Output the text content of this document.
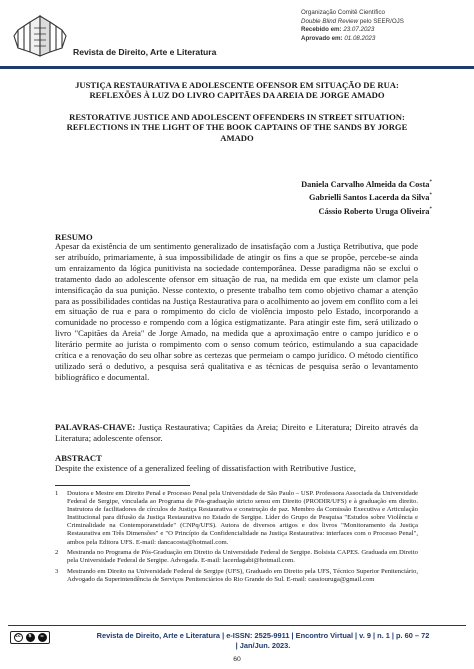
Revista de Direito, Arte e Literatura
Organização Comitê Científico
Double Blind Review pelo SEER/OJS
Recebido em: 23.07.2023
Aprovado em: 01.08.2023
JUSTIÇA RESTAURATIVA E ADOLESCENTE OFENSOR EM SITUAÇÃO DE RUA: REFLEXÕES À LUZ DO LIVRO CAPITÃES DA AREIA DE JORGE AMADO
RESTORATIVE JUSTICE AND ADOLESCENT OFFENDERS IN STREET SITUATION: REFLECTIONS IN THE LIGHT OF THE BOOK CAPTAINS OF THE SANDS BY JORGE AMADO
Daniela Carvalho Almeida da Costa*
Gabrielli Santos Lacerda da Silva*
Cássio Roberto Uruga Oliveira*
RESUMO

Apesar da existência de um sentimento generalizado de insatisfação com a Justiça Retributiva, que pode ser atribuído, primariamente, à sua impossibilidade de atingir os fins a que se propõe, percebe-se ainda um enraizamento da lógica punitivista na sociedade contemporânea. Desse paradigma não se exclui o tratamento dado ao adolescente ofensor em situação de rua, na medida em que existe um clamor pela intensificação da sua punição. Nesse contexto, o presente trabalho tem como objetivo chamar a atenção para as possibilidades contidas na Justiça Restaurativa para o acolhimento ao jovem em conflito com a lei em situação de rua e para o rompimento do ciclo de violência imposto pelo Estado, incorporando a comunidade no processo e rompendo com a lógica estigmatizante. Para atingir este fim, será utilizado o livro "Capitães da Areia" de Jorge Amado, na medida que a aproximação entre o campo jurídico e o literário permite ao jurista o rompimento com o senso comum teórico, estimulando a sua capacidade crítica e a renovação do seu olhar sobre as certezas que permeiam o campo jurídico. O método científico utilizado será o dedutivo, a pesquisa será qualitativa e as técnicas de pesquisa serão o levantamento bibliográfico e documental.

PALAVRAS-CHAVE: Justiça Restaurativa; Capitães da Areia; Direito e Literatura; Direito através da Literatura; adolescente ofensor.

ABSTRACT

Despite the existence of a generalized feeling of dissatisfaction with Retributive Justice,

1	Doutora e Mestre em Direito Penal e Processo Penal pela Universidade de São Paulo – USP. Professora Associada da Universidade Federal de Sergipe, vinculada ao Programa de Pós-graduação stricto sensu em Direito (PRODIR/UFS) e à graduação em direito. Instrutora de facilitadores de círculos de Justiça Restaurativa e construção de paz. Membro da Comissão Executiva e Articulação Institucional para difusão da Justiça Restaurativa no Estado de Sergipe. Líder do Grupo de Pesquisa "Estudos sobre Violência e Criminalidade na Contemporaneidade" (CNPq/UFS). Autora de diversos artigos e dos livros "Monitoramento da Justiça Restaurativa em Três Dimensões" e "O Princípio da Confidencialidade na Justiça Restaurativa: interfaces com o Processo Penal", ambos pela Editora UFS. E-mail: dancacosta@hotmail.com.
2	Mestranda no Programa de Pós-Graduação em Direito da Universidade Federal de Sergipe. Bolsista CAPES. Graduada em Direito pela Universidade Federal de Sergipe. Advogada. E-mail: lacerdagabi@hotmail.com.
3	Mestrando em Direito na Universidade Federal de Sergipe (UFS), Graduado em Direito pela UFS, Técnico Superior Penitenciário, Advogado da Superintendência de Serviços Penitenciários do Rio Grande do Sul. E-mail: cassiouruga@gmail.com
cc	$	=	Revista de Direito, Arte e Literatura | e-ISSN: 2525-9911 | Encontro Virtual | v. 9 | n. 1 | p. 60 – 72
| Jan/Jun. 2023.
60
